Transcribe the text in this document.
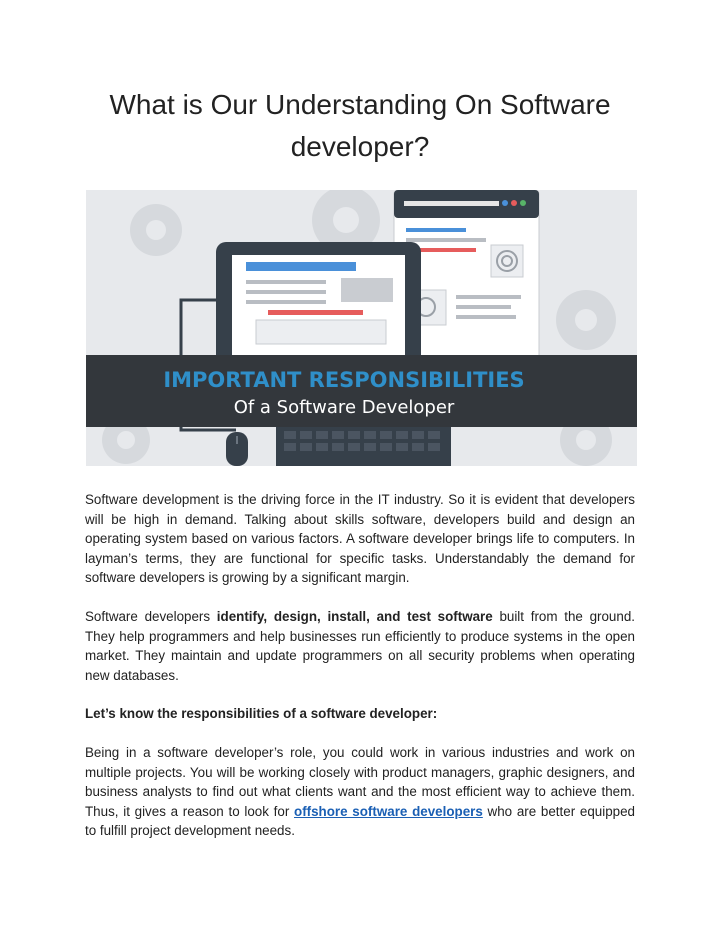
What is Our Understanding On Software
developer?
IMPORTANT RESPONSIBILITIES
Of a Software Developer

Software development is the driving force in the IT industry. So it is evident that developers will be high in demand. Talking about skills software, developers build and design an operating system based on various factors. A software developer brings life to computers. In layman’s terms, they are functional for specific tasks. Understandably the demand for software developers is growing by a significant margin.

Software developers identify, design, install, and test software built from the ground. They help programmers and help businesses run efficiently to produce systems in the open market. They maintain and update programmers on all security problems when operating new databases.

Let’s know the responsibilities of a software developer:

Being in a software developer’s role, you could work in various industries and work on multiple projects. You will be working closely with product managers, graphic designers, and business analysts to find out what clients want and the most efficient way to achieve them. Thus, it gives a reason to look for offshore software developers who are better equipped to fulfill project development needs.
